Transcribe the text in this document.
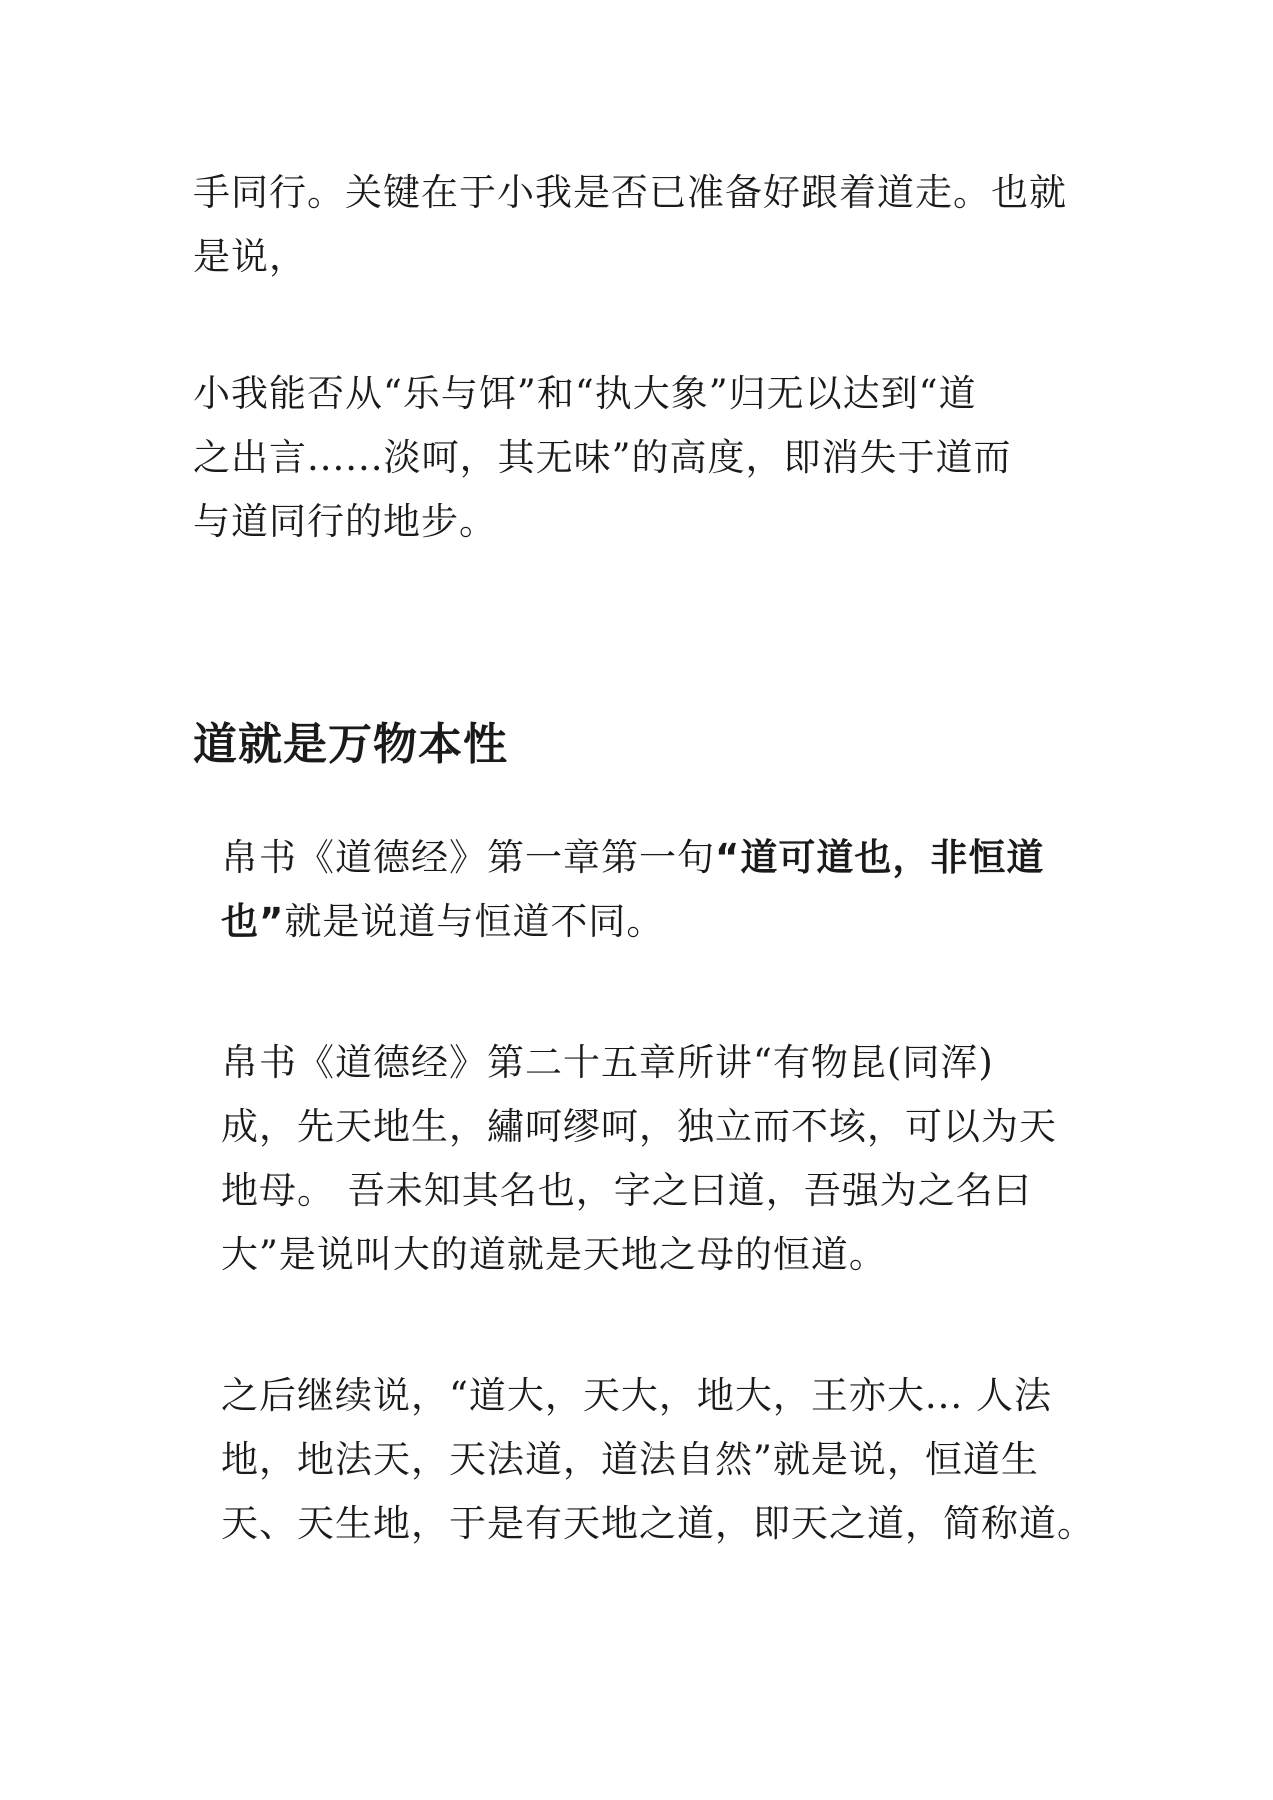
手同行。关键在于小我是否已准备好跟着道走。也就
是说，

小我能否从“乐与饵”和“执大象”归无以达到“道
之出言......淡呵，其无味”的高度，即消失于道而
与道同行的地步。

道就是万物本性

帛书《道德经》第一章第一句“道可道也，非恒道
也”就是说道与恒道不同。

帛书《道德经》第二十五章所讲“有物昆(同浑)
成，先天地生，繡呵缪呵，独立而不垓，可以为天
地母。 吾未知其名也，字之曰道，吾强为之名曰
大”是说叫大的道就是天地之母的恒道。

之后继续说，“道大，天大，地大，王亦大... 人法
地，地法天，天法道，道法自然”就是说，恒道生
天、天生地，于是有天地之道，即天之道，简称道。
